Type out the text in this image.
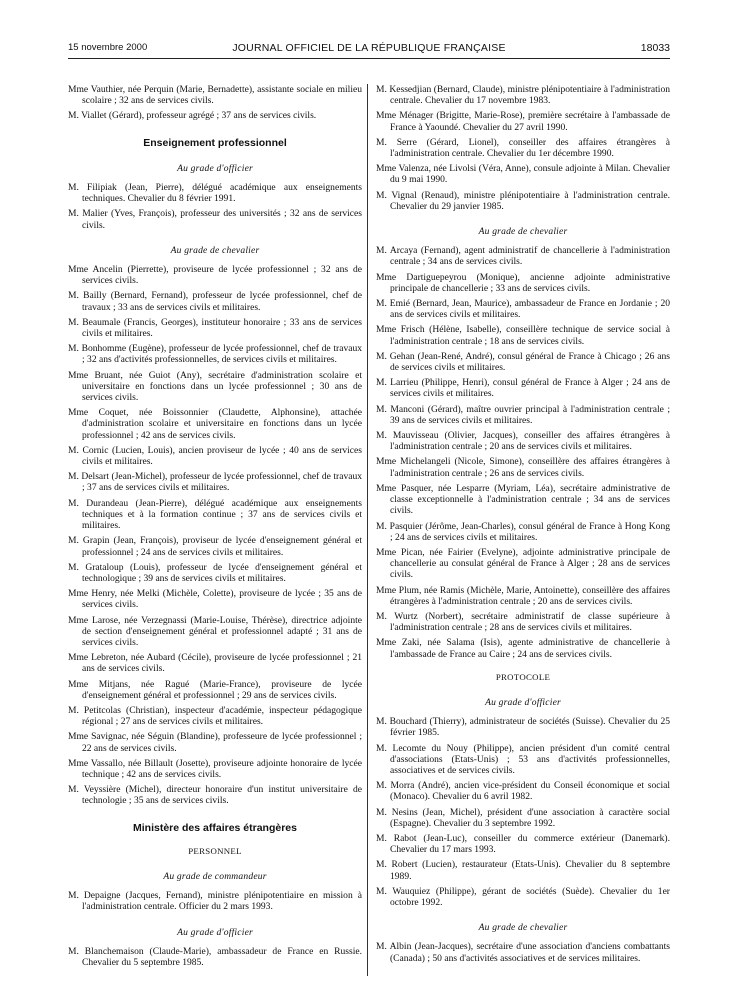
15 novembre 2000	JOURNAL OFFICIEL DE LA RÉPUBLIQUE FRANÇAISE	18033

Mme Vauthier, née Perquin (Marie, Bernadette), assistante sociale en milieu scolaire ; 32 ans de services civils.

M. Viallet (Gérard), professeur agrégé ; 37 ans de services civils.

Enseignement professionnel

Au grade d'officier

M. Filipiak (Jean, Pierre), délégué académique aux enseignements techniques. Chevalier du 8 février 1991.

M. Malier (Yves, François), professeur des universités ; 32 ans de services civils.

Au grade de chevalier

Mme Ancelin (Pierrette), proviseure de lycée professionnel ; 32 ans de services civils.

M. Bailly (Bernard, Fernand), professeur de lycée professionnel, chef de travaux ; 33 ans de services civils et militaires.

M. Beaumale (Francis, Georges), instituteur honoraire ; 33 ans de services civils et militaires.

M. Bonhomme (Eugène), professeur de lycée professionnel, chef de travaux ; 32 ans d'activités professionnelles, de services civils et militaires.

Mme Bruant, née Guiot (Any), secrétaire d'administration scolaire et universitaire en fonctions dans un lycée professionnel ; 30 ans de services civils.

Mme Coquet, née Boissonnier (Claudette, Alphonsine), attachée d'administration scolaire et universitaire en fonctions dans un lycée professionnel ; 42 ans de services civils.

M. Cornic (Lucien, Louis), ancien proviseur de lycée ; 40 ans de services civils et militaires.

M. Delsart (Jean-Michel), professeur de lycée professionnel, chef de travaux ; 37 ans de services civils et militaires.

M. Durandeau (Jean-Pierre), délégué académique aux enseignements techniques et à la formation continue ; 37 ans de services civils et militaires.

M. Grapin (Jean, François), proviseur de lycée d'enseignement général et professionnel ; 24 ans de services civils et militaires.

M. Grataloup (Louis), professeur de lycée d'enseignement général et technologique ; 39 ans de services civils et militaires.

Mme Henry, née Melki (Michèle, Colette), proviseure de lycée ; 35 ans de services civils.

Mme Larose, née Verzegnassi (Marie-Louise, Thérèse), directrice adjointe de section d'enseignement général et professionnel adapté ; 31 ans de services civils.

Mme Lebreton, née Aubard (Cécile), proviseure de lycée professionnel ; 21 ans de services civils.

Mme Mitjans, née Ragué (Marie-France), proviseure de lycée d'enseignement général et professionnel ; 29 ans de services civils.

M. Petitcolas (Christian), inspecteur d'académie, inspecteur pédagogique régional ; 27 ans de services civils et militaires.

Mme Savignac, née Séguin (Blandine), professeure de lycée professionnel ; 22 ans de services civils.

Mme Vassallo, née Billault (Josette), proviseure adjointe honoraire de lycée technique ; 42 ans de services civils.

M. Veyssière (Michel), directeur honoraire d'un institut universitaire de technologie ; 35 ans de services civils.

Ministère des affaires étrangères

PERSONNEL

Au grade de commandeur

M. Depaigne (Jacques, Fernand), ministre plénipotentiaire en mission à l'administration centrale. Officier du 2 mars 1993.

Au grade d'officier

M. Blanchemaison (Claude-Marie), ambassadeur de France en Russie. Chevalier du 5 septembre 1985.

M. Kessedjian (Bernard, Claude), ministre plénipotentiaire à l'administration centrale. Chevalier du 17 novembre 1983.

Mme Ménager (Brigitte, Marie-Rose), première secrétaire à l'ambassade de France à Yaoundé. Chevalier du 27 avril 1990.

M. Serre (Gérard, Lionel), conseiller des affaires étrangères à l'administration centrale. Chevalier du 1er décembre 1990.

Mme Valenza, née Livolsi (Véra, Anne), consule adjointe à Milan. Chevalier du 9 mai 1990.

M. Vignal (Renaud), ministre plénipotentiaire à l'administration centrale. Chevalier du 29 janvier 1985.

Au grade de chevalier

M. Arcaya (Fernand), agent administratif de chancellerie à l'administration centrale ; 34 ans de services civils.

Mme Dartiguepeyrou (Monique), ancienne adjointe administrative principale de chancellerie ; 33 ans de services civils.

M. Emié (Bernard, Jean, Maurice), ambassadeur de France en Jordanie ; 20 ans de services civils et militaires.

Mme Frisch (Hélène, Isabelle), conseillère technique de service social à l'administration centrale ; 18 ans de services civils.

M. Gehan (Jean-René, André), consul général de France à Chicago ; 26 ans de services civils et militaires.

M. Larrieu (Philippe, Henri), consul général de France à Alger ; 24 ans de services civils et militaires.

M. Manconi (Gérard), maître ouvrier principal à l'administration centrale ; 39 ans de services civils et militaires.

M. Mauvisseau (Olivier, Jacques), conseiller des affaires étrangères à l'administration centrale ; 20 ans de services civils et militaires.

Mme Michelangeli (Nicole, Simone), conseillère des affaires étrangères à l'administration centrale ; 26 ans de services civils.

Mme Pasquer, née Lesparre (Myriam, Léa), secrétaire administrative de classe exceptionnelle à l'administration centrale ; 34 ans de services civils.

M. Pasquier (Jérôme, Jean-Charles), consul général de France à Hong Kong ; 24 ans de services civils et militaires.

Mme Pican, née Fairier (Evelyne), adjointe administrative principale de chancellerie au consulat général de France à Alger ; 28 ans de services civils.

Mme Plum, née Ramis (Michèle, Marie, Antoinette), conseillère des affaires étrangères à l'administration centrale ; 20 ans de services civils.

M. Wurtz (Norbert), secrétaire administratif de classe supérieure à l'administration centrale ; 28 ans de services civils et militaires.

Mme Zaki, née Salama (Isis), agente administrative de chancellerie à l'ambassade de France au Caire ; 24 ans de services civils.

PROTOCOLE

Au grade d'officier

M. Bouchard (Thierry), administrateur de sociétés (Suisse). Chevalier du 25 février 1985.

M. Lecomte du Nouy (Philippe), ancien président d'un comité central d'associations (Etats-Unis) ; 53 ans d'activités professionnelles, associatives et de services civils.

M. Morra (André), ancien vice-président du Conseil économique et social (Monaco). Chevalier du 6 avril 1982.

M. Nesins (Jean, Michel), président d'une association à caractère social (Espagne). Chevalier du 3 septembre 1992.

M. Rabot (Jean-Luc), conseiller du commerce extérieur (Danemark). Chevalier du 17 mars 1993.

M. Robert (Lucien), restaurateur (Etats-Unis). Chevalier du 8 septembre 1989.

M. Wauquiez (Philippe), gérant de sociétés (Suède). Chevalier du 1er octobre 1992.

Au grade de chevalier

M. Albin (Jean-Jacques), secrétaire d'une association d'anciens combattants (Canada) ; 50 ans d'activités associatives et de services militaires.
